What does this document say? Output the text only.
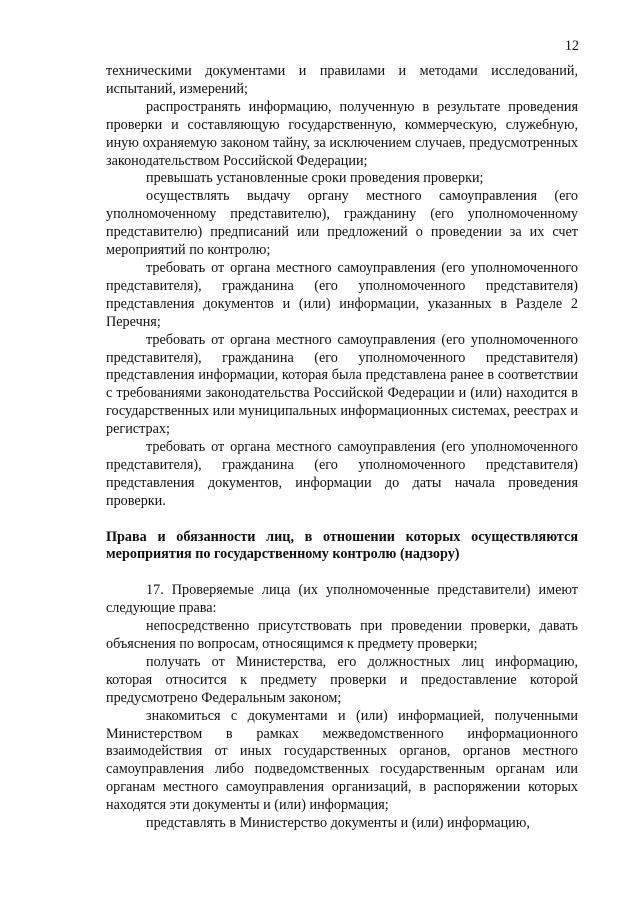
12

техническими документами и правилами и методами исследований, испытаний, измерений;

распространять информацию, полученную в результате проведения проверки и составляющую государственную, коммерческую, служебную, иную охраняемую законом тайну, за исключением случаев, предусмотренных законодательством Российской Федерации;

превышать установленные сроки проведения проверки;

осуществлять выдачу органу местного самоуправления (его уполномоченному представителю), гражданину (его уполномоченному представителю) предписаний или предложений о проведении за их счет мероприятий по контролю;

требовать от органа местного самоуправления (его уполномоченного представителя), гражданина (его уполномоченного представителя) представления документов и (или) информации, указанных в Разделе 2 Перечня;

требовать от органа местного самоуправления (его уполномоченного представителя), гражданина (его уполномоченного представителя) представления информации, которая была представлена ранее в соответствии с требованиями законодательства Российской Федерации и (или) находится в государственных или муниципальных информационных системах, реестрах и регистрах;

требовать от органа местного самоуправления (его уполномоченного представителя), гражданина (его уполномоченного представителя) представления документов, информации до даты начала проведения проверки.

Права и обязанности лиц, в отношении которых осуществляются мероприятия по государственному контролю (надзору)

17. Проверяемые лица (их уполномоченные представители) имеют следующие права:

непосредственно присутствовать при проведении проверки, давать объяснения по вопросам, относящимся к предмету проверки;

получать от Министерства, его должностных лиц информацию, которая относится к предмету проверки и предоставление которой предусмотрено Федеральным законом;

знакомиться с документами и (или) информацией, полученными Министерством в рамках межведомственного информационного взаимодействия от иных государственных органов, органов местного самоуправления либо подведомственных государственным органам или органам местного самоуправления организаций, в распоряжении которых находятся эти документы и (или) информация;

представлять в Министерство документы и (или) информацию,
